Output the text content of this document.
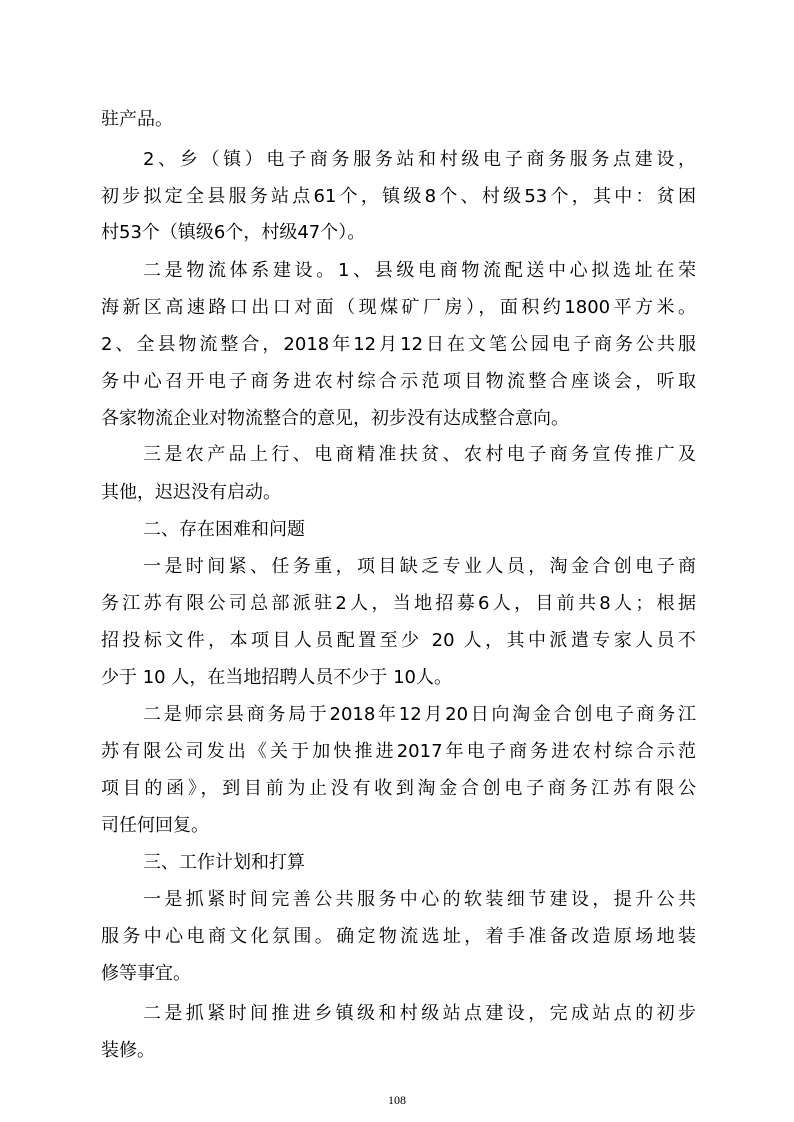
驻产品。
2、乡（镇）电子商务服务站和村级电子商务服务点建设，
初步拟定全县服务站点61个，镇级8个、村级53个，其中：贫困
村53个（镇级6个，村级47个）。
二是物流体系建设。1、县级电商物流配送中心拟选址在荣
海新区高速路口出口对面（现煤矿厂房），面积约1800平方米。
2、全县物流整合，2018年12月12日在文笔公园电子商务公共服
务中心召开电子商务进农村综合示范项目物流整合座谈会，听取
各家物流企业对物流整合的意见，初步没有达成整合意向。
三是农产品上行、电商精准扶贫、农村电子商务宣传推广及
其他，迟迟没有启动。
二、存在困难和问题
一是时间紧、任务重，项目缺乏专业人员，淘金合创电子商
务江苏有限公司总部派驻2人，当地招募6人，目前共8人；根据
招投标文件，本项目人员配置至少 20 人，其中派遣专家人员不
少于 10 人，在当地招聘人员不少于 10人。
二是师宗县商务局于2018年12月20日向淘金合创电子商务江
苏有限公司发出《关于加快推进2017年电子商务进农村综合示范
项目的函》，到目前为止没有收到淘金合创电子商务江苏有限公
司任何回复。
三、工作计划和打算
一是抓紧时间完善公共服务中心的软装细节建设，提升公共
服务中心电商文化氛围。确定物流选址，着手准备改造原场地装
修等事宜。
二是抓紧时间推进乡镇级和村级站点建设，完成站点的初步
装修。
108
